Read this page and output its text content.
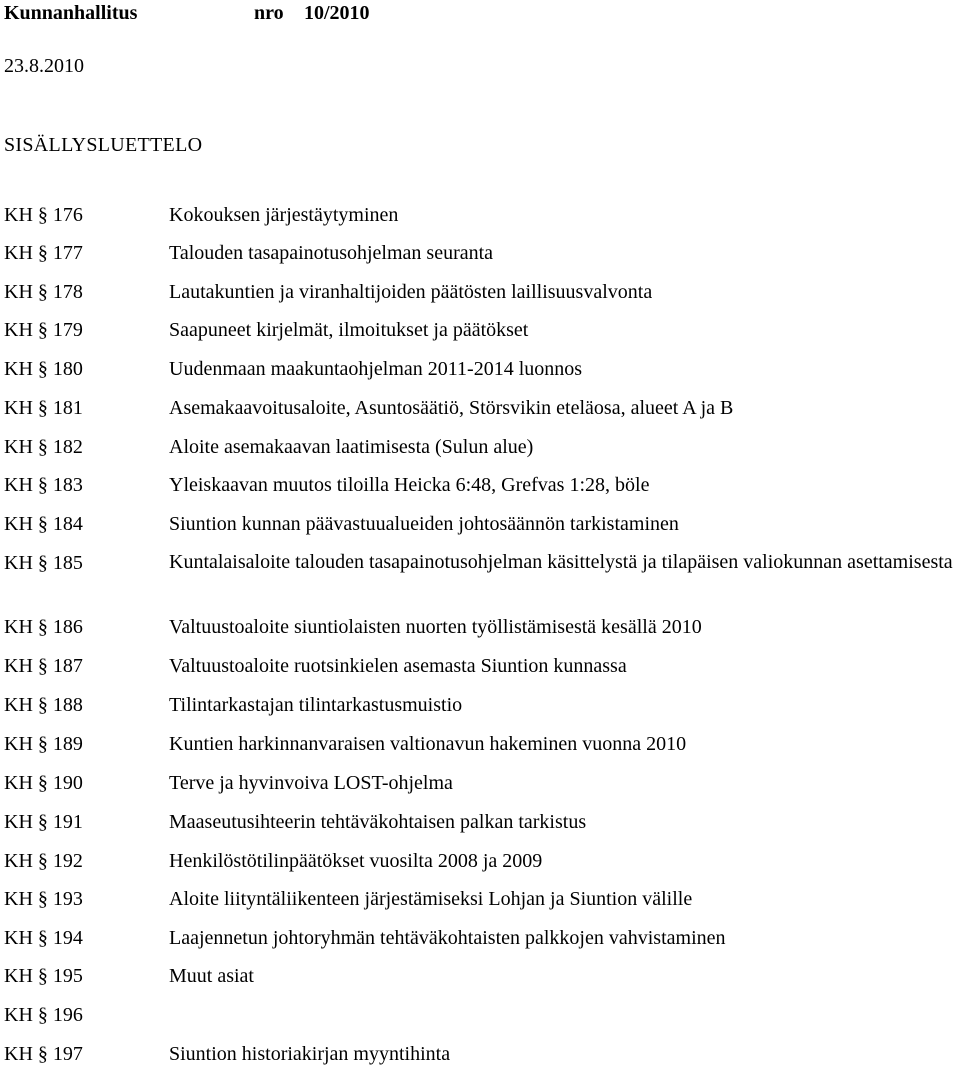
Kunnanhallitus	nro 10/2010
23.8.2010
SISÄLLYSLUETTELO
KH § 176	Kokouksen järjestäytyminen
KH § 177	Talouden tasapainotusohjelman seuranta
KH § 178	Lautakuntien ja viranhaltijoiden päätösten laillisuusvalvonta
KH § 179	Saapuneet kirjelmät, ilmoitukset ja päätökset
KH § 180	Uudenmaan maakuntaohjelman 2011-2014 luonnos
KH § 181	Asemakaavoitusaloite, Asuntosäätiö, Störsvikin eteläosa, alueet A ja B
KH § 182	Aloite asemakaavan laatimisesta (Sulun alue)
KH § 183	Yleiskaavan muutos tiloilla Heicka 6:48, Grefvas 1:28, böle
KH § 184	Siuntion kunnan päävastuualueiden johtosäännön tarkistaminen
KH § 185	Kuntalaisaloite talouden tasapainotusohjelman käsittelystä ja tilapäisen valiokunnan asettamisesta
KH § 186	Valtuustoaloite siuntiolaisten nuorten työllistämisestä kesällä 2010
KH § 187	Valtuustoaloite ruotsinkielen asemasta Siuntion kunnassa
KH § 188	Tilintarkastajan tilintarkastusmuistio
KH § 189	Kuntien harkinnanvaraisen valtionavun hakeminen vuonna 2010
KH § 190	Terve ja hyvinvoiva LOST-ohjelma
KH § 191	Maaseutusihteerin tehtäväkohtaisen palkan tarkistus
KH § 192	Henkilöstötilinpäätökset vuosilta 2008 ja 2009
KH § 193	Aloite liityntäliikenteen järjestämiseksi Lohjan ja Siuntion välille
KH § 194	Laajennetun johtoryhmän tehtäväkohtaisten palkkojen vahvistaminen
KH § 195	Muut asiat
KH § 196
KH § 197	Siuntion historiakirjan myyntihinta
